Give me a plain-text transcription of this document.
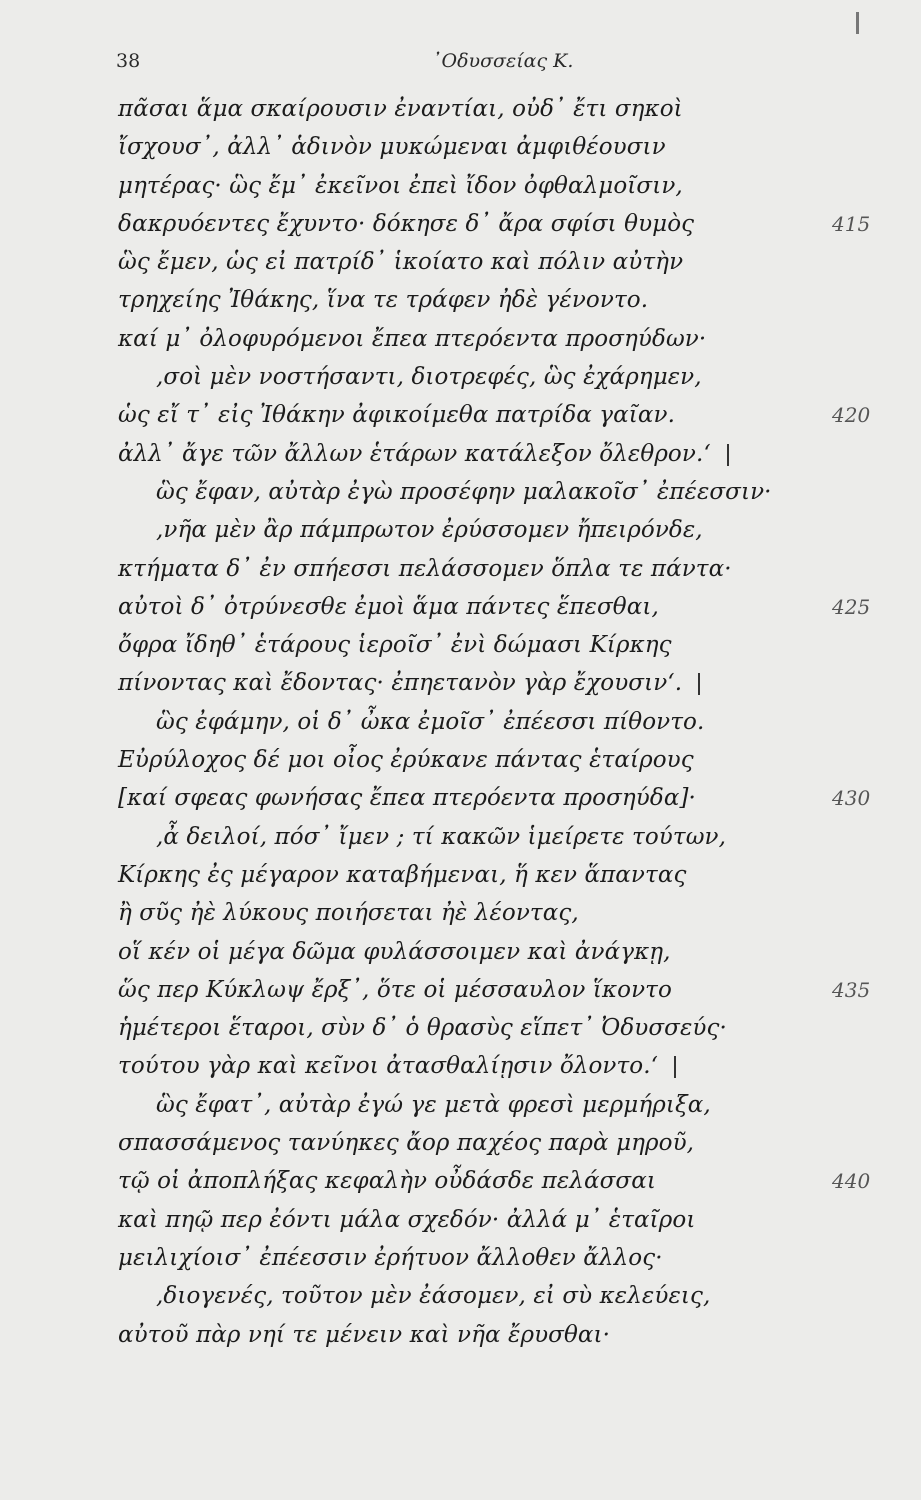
38	᾿Οδυσσείας Κ.
πᾶσαι ἅμα σκαίρουσιν ἐναντίαι, οὐδ᾿ ἔτι σηκοὶ
ἴσχουσ᾿, ἀλλ᾿ ἁδινὸν μυκώμεναι ἀμφιθέουσιν
μητέρας· ὣς ἔμ᾿ ἐκεῖνοι ἐπεὶ ἴδον ὀφθαλμοῖσιν,
δακρυόεντες ἔχυντο· δόκησε δ᾿ ἄρα σφίσι θυμὸς	415
ὣς ἔμεν, ὡς εἰ πατρίδ᾿ ἱκοίατο καὶ πόλιν αὐτὴν
τρηχείης Ἰθάκης, ἵνα τε τράφεν ἠδὲ γένοντο.
καί μ᾿ ὀλοφυρόμενοι ἔπεα πτερόεντα προσηύδων·
,σοὶ μὲν νοστήσαντι, διοτρεφές, ὣς ἐχάρημεν,
ὡς εἴ τ᾿ εἰς Ἰθάκην ἀφικοίμεθα πατρίδα γαῖαν.	420
ἀλλ᾿ ἄγε τῶν ἄλλων ἑτάρων κατάλεξον ὄλεθρον.‘
ὣς ἔφαν, αὐτὰρ ἐγὼ προσέφην μαλακοῖσ᾿ ἐπέεσσιν·
,νῆα μὲν ἂρ πάμπρωτον ἐρύσσομεν ἤπειρόνδε,
κτήματα δ᾿ ἐν σπήεσσι πελάσσομεν ὅπλα τε πάντα·
αὐτοὶ δ᾿ ὀτρύνεσθε ἐμοὶ ἅμα πάντες ἕπεσθαι,	425
ὄφρα ἴδηθ᾿ ἑτάρους ἱεροῖσ᾿ ἐνὶ δώμασι Κίρκης
πίνοντας καὶ ἔδοντας· ἐπηετανὸν γὰρ ἔχουσιν‘.
ὣς ἐφάμην, οἱ δ᾿ ὦκα ἐμοῖσ᾿ ἐπέεσσι πίθοντο.
Εὐρύλοχος δέ μοι οἶος ἐρύκανε πάντας ἑταίρους
[καί σφεας φωνήσας ἔπεα πτερόεντα προσηύδα]·	430
,ἆ δειλοί, πόσ᾿ ἴμεν ; τί κακῶν ἱμείρετε τούτων,
Κίρκης ἐς μέγαρον καταβήμεναι, ἥ κεν ἅπαντας
ἢ σῦς ἠὲ λύκους ποιήσεται ἠὲ λέοντας,
οἵ κέν οἱ μέγα δῶμα φυλάσσοιμεν καὶ ἀνάγκῃ,
ὥς περ Κύκλωψ ἔρξ᾿, ὅτε οἱ μέσσαυλον ἵκοντο	435
ἡμέτεροι ἕταροι, σὺν δ᾿ ὁ θρασὺς εἵπετ᾿ Ὀδυσσεύς·
τούτου γὰρ καὶ κεῖνοι ἀτασθαλίῃσιν ὄλοντο.‘
ὣς ἔφατ᾿, αὐτὰρ ἐγώ γε μετὰ φρεσὶ μερμήριξα,
σπασσάμενος τανύηκες ἄορ παχέος παρὰ μηροῦ,
τῷ οἱ ἀποπλήξας κεφαλὴν οὖδάσδε πελάσσαι	440
καὶ πηῷ περ ἐόντι μάλα σχεδόν· ἀλλά μ᾿ ἑταῖροι
μειλιχίοισ᾿ ἐπέεσσιν ἐρήτυον ἄλλοθεν ἄλλος·
,διογενές, τοῦτον μὲν ἐάσομεν, εἰ σὺ κελεύεις,
αὐτοῦ πὰρ νηί τε μένειν καὶ νῆα ἔρυσθαι·
